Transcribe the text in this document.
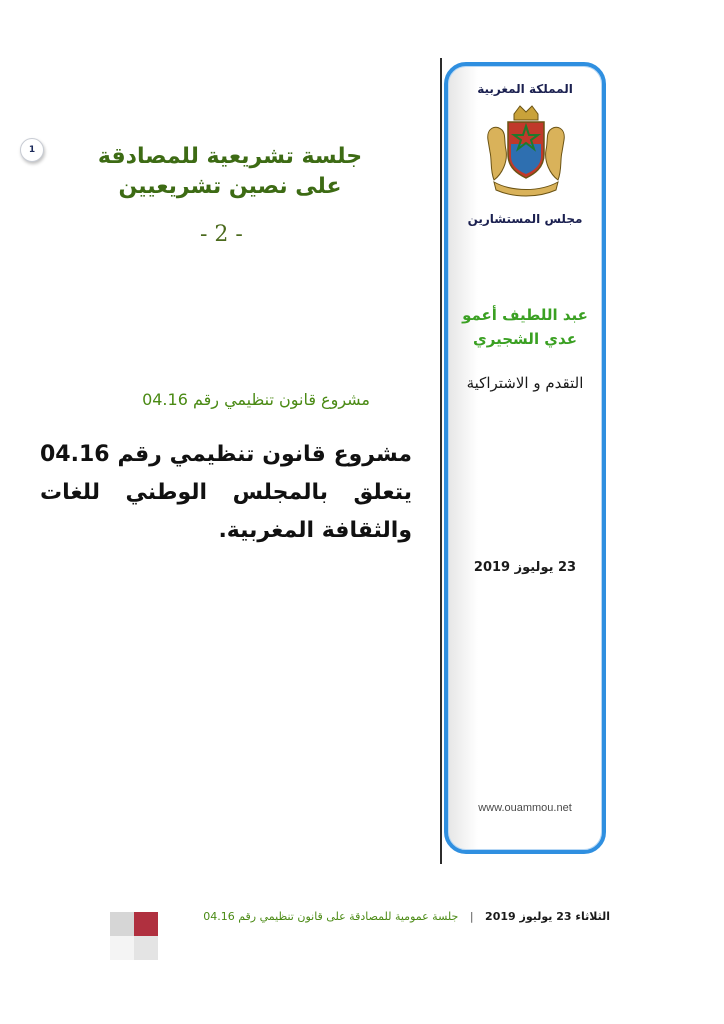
1	جلسة تشريعية للمصادقة
على نصين تشريعيين
- 2 -
مشروع قانون تنظيمي رقم 04.16
مشروع قانون تنظيمي رقم 04.16 يتعلق بالمجلس الوطني للغات والثقافة المغربية.
المملكة المغربية
مجلس المستشارين
عبد اللطيف أعمو
عدي الشجيري
التقدم و الاشتراكية
23 يوليوز 2019
www.ouammou.net
الثلاثاء 23 يوليوز 2019 | جلسة عمومية للمصادقة على قانون تنظيمي رقم 04.16
